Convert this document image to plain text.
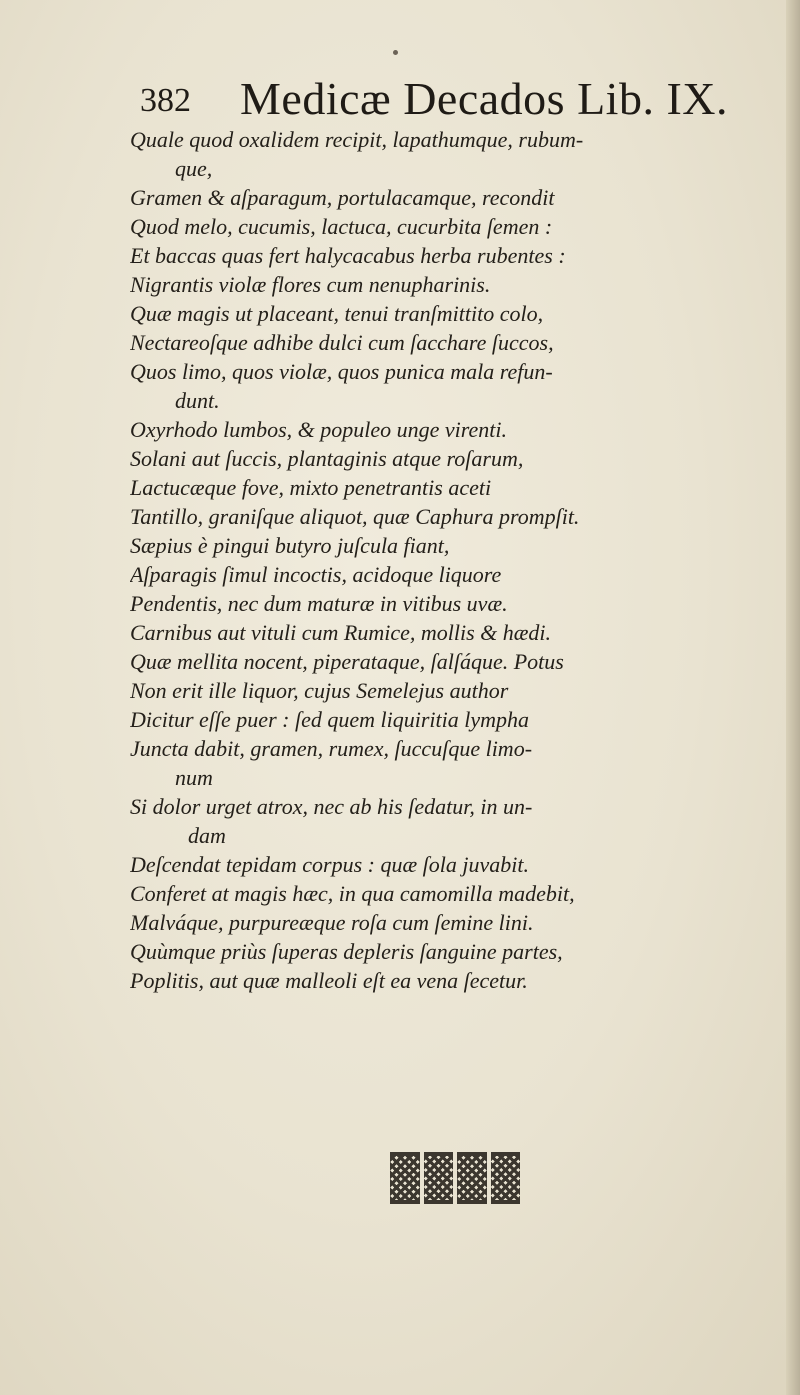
382 Medicæ Decados Lib. IX.
Quale quod oxalidem recipit, lapathumque, rubum-
que,
Gramen & aſparagum, portulacamque, recondit
Quod melo, cucumis, lactuca, cucurbita ſemen :
Et baccas quas fert halycacabus herba rubentes :
Nigrantis violæ flores cum nenupharinis.
Quæ magis ut placeant, tenui tranſmittito colo,
Nectareoſque adhibe dulci cum ſacchare ſuccos,
Quos limo, quos violæ, quos punica mala refun-
dunt.
Oxyrhodo lumbos, & populeo unge virenti.
Solani aut ſuccis, plantaginis atque roſarum,
Lactucæque fove, mixto penetrantis aceti
Tantillo, graniſque aliquot, quæ Caphura prompſit.
Sæpius è pingui butyro juſcula fiant,
Aſparagis ſimul incoctis, acidoque liquore
Pendentis, nec dum maturæ in vitibus uvæ.
Carnibus aut vituli cum Rumice, mollis & hædi.
Quæ mellita nocent, piperataque, ſalſáque. Potus
Non erit ille liquor, cujus Semelejus author
Dicitur eſſe puer : ſed quem liquiritia lympha
Juncta dabit, gramen, rumex, ſuccuſque limo-
num
Si dolor urget atrox, nec ab his ſedatur, in un-
dam
Deſcendat tepidam corpus : quæ ſola juvabit.
Conferet at magis hæc, in qua camomilla madebit,
Malváque, purpureæque roſa cum ſemine lini.
Quùmque priùs ſuperas depleris ſanguine partes,
Poplitis, aut quæ malleoli eſt ea vena ſecetur.
